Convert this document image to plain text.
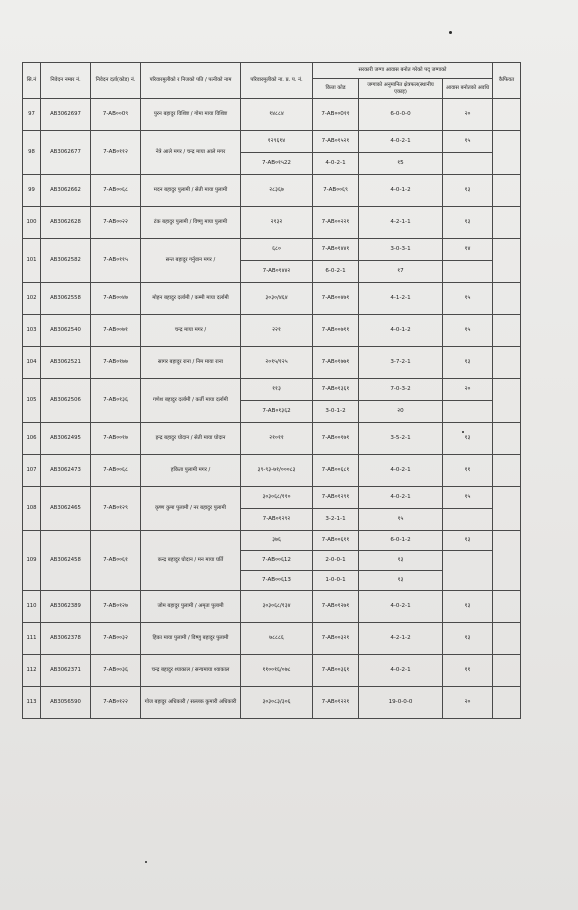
सि.नं	निवेदन नम्बर नं.	निवेदन दर्ता(कोड) नं.	परिवारमुलीको र निजको पति / पत्नीको नाम	परिवारमुलीको ना. प्र. प. नं.	सरकारी जग्गा आवास बनोत गरेको पद् जग्गाको			कैफियत
					कित्ता कोड	जग्गाको अनुमानित क्षेत्रफल(स्थानीय एकाइ)	आवास बनोतको अवधि	
97	AB3062697	7-AB००0९	पुरन बहादुर विशिष्ट / गोमा माया विशिष्ट	१४८८४	7-AB००0११	6-0-0-0	२०	
98	AB3062677	7-AB०११२	नेत्रे आले मगर / चन्द्र माया आले मगर	१२९६१४	7-AB०१५२१	4-0-2-1	१५	
				7-AB०१५22	4-0-2-1	१5		
99	AB3062662	7-AB००६८	मदन बहादुर पुलामी / सेती माया पुलामी	२८३६७	7-AB००६९	4-0-1-2	१३	
100	AB3062628	7-AB००२२	टंक बहादुर पुलामी / विष्णु माया पुलामी	२१३२	7-AB००२२१	4-2-1-1	१३	
101	AB3062582	7-AB०११५	सन्त बहादुर गर्नुवान मगर /	६८०	7-AB०१४४१	3-0-3-1	१४	
				7-AB०१४४२	6-0-2-1	१7		
102	AB3062558	7-AB००४७	मोहन बहादुर दर्लामी / कम्मी माया दर्लामी	३०३०/४६४	7-AB००४७१	4-1-2-1	१५	
103	AB3062540	7-AB००७१	चन्द्र माया मगर /	२२१	7-AB००७११	4-0-1-2	१५	
104	AB3062521	7-AB०१७७	सागर बहादुर राना / निम माया राना	२०१५/१२५	7-AB०१७७१	3-7-2-1	१३	
105	AB3062506	7-AB०१३६	गणेश बहादुर दर्लामी / कर्ती माया दर्लामी	११३	7-AB०१३६१	7-0-3-2	२०	
				7-AB०१३६2	3-0-1-2	२0		
106	AB3062495	7-AB००१७	इन्द्र बहादुर घोदान / सेती माया घोदान	२१०११	7-AB००१७१	3-5-2-1	१३	
107	AB3062473	7-AB००६८	हकिता पुलामी मगर /	३९-९३-७१/०००८३	7-AB००६८१	4-0-2-1	११	
108	AB3062465	7-AB०१२९	कृष्ण कुमा पुलामी / नर बहादुर पुलामी	३०३०६८/११०	7-AB०१२९१	4-0-2-1	१५	
				7-AB०१२९२	3-2-1-1	१५		
109	AB3062458	7-AB००६१	कन्द्र बहादुर घोदान / मन माया घर्ति	३७६	7-AB००६११	6-0-1-2	१३	
				7-AB००६12	2-0-0-1	१३		
				7-AB००६13	1-0-0-1	१३		
110	AB3062389	7-AB०१२७	जोम बहादुर पुलामी / अमृता पुलामी	३०३०६८/१३४	7-AB०१२७१	4-0-2-1	१३	
111	AB3062378	7-AB००३२	हिका माया पुलामी / विष्णु बहादुर पुलामी	७८८८६	7-AB००३२१	4-2-1-2	१३	
112	AB3062371	7-AB००३६	चन्द्र बहादुर श्याकाल / सन्चमाया श्याकाल	११००१६/०७८	7-AB००३६१	4-0-2-1	११	
113	AB3056590	7-AB०१२२	गोज बहादुर अधिकारी / सल्लक कुमारी अधिकारी	३०३०८३/३०६	7-AB०१२२१	19-0-0-0	२०	
